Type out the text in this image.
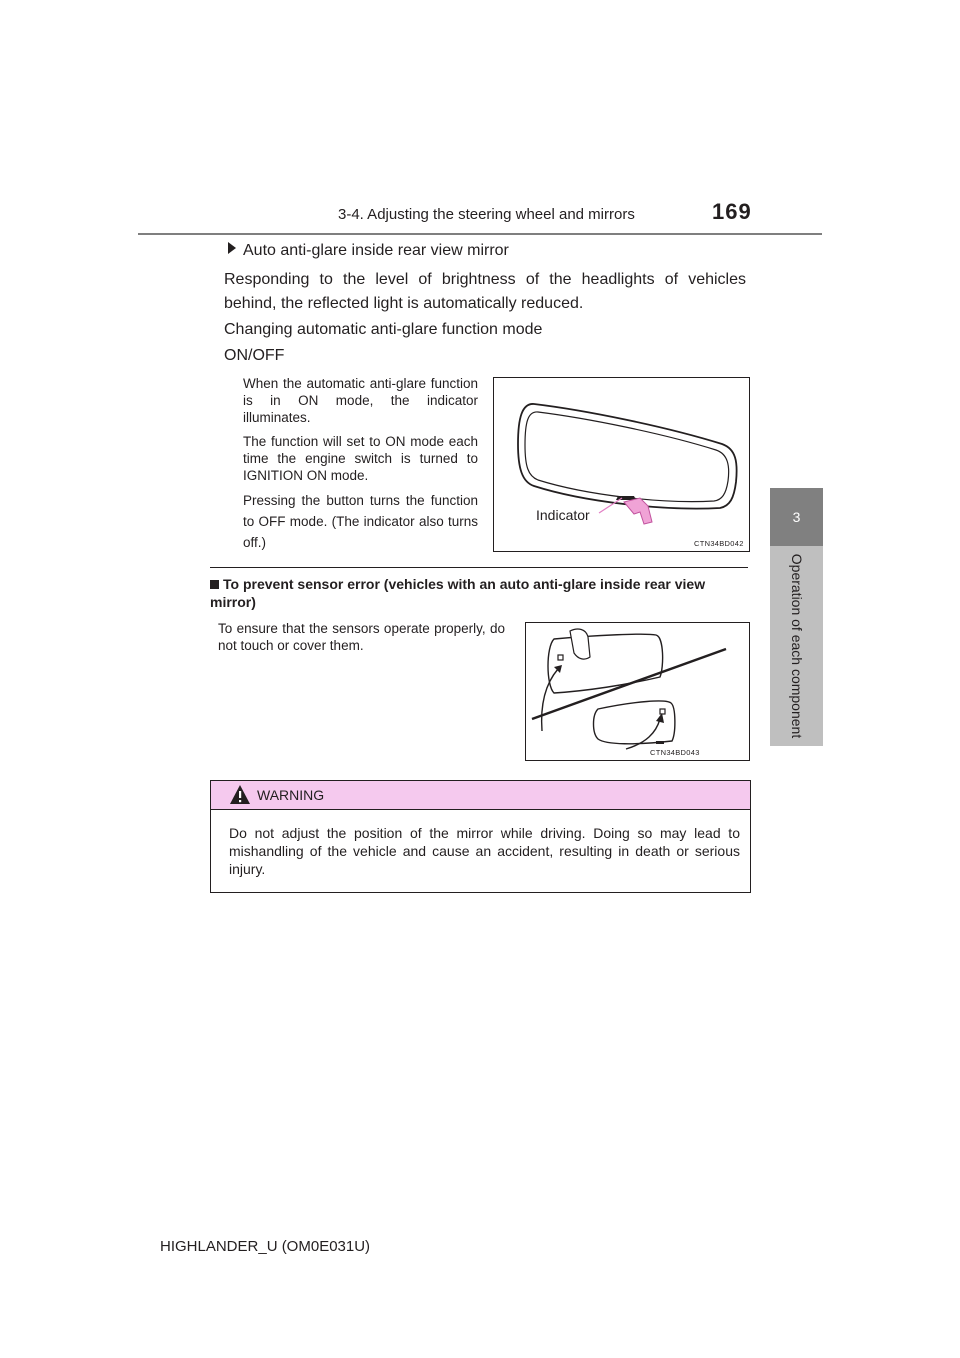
3-4. Adjusting the steering wheel and mirrors	169
3
Operation of each component
Auto anti-glare inside rear view mirror
Responding to the level of brightness of the headlights of vehicles behind, the reflected light is automatically reduced.
Changing automatic anti-glare function mode
ON/OFF
When the automatic anti-glare function is in ON mode, the indicator illuminates.
The function will set to ON mode each time the engine switch is turned to IGNITION ON mode.
Pressing the button turns the function to OFF mode. (The indicator also turns off.)
Indicator
CTN34BD042
To prevent sensor error (vehicles with an auto anti-glare inside rear view mirror)
To ensure that the sensors operate properly, do not touch or cover them.
CTN34BD043
WARNING
Do not adjust the position of the mirror while driving. Doing so may lead to mishandling of the vehicle and cause an accident, resulting in death or serious injury.
HIGHLANDER_U (OM0E031U)
